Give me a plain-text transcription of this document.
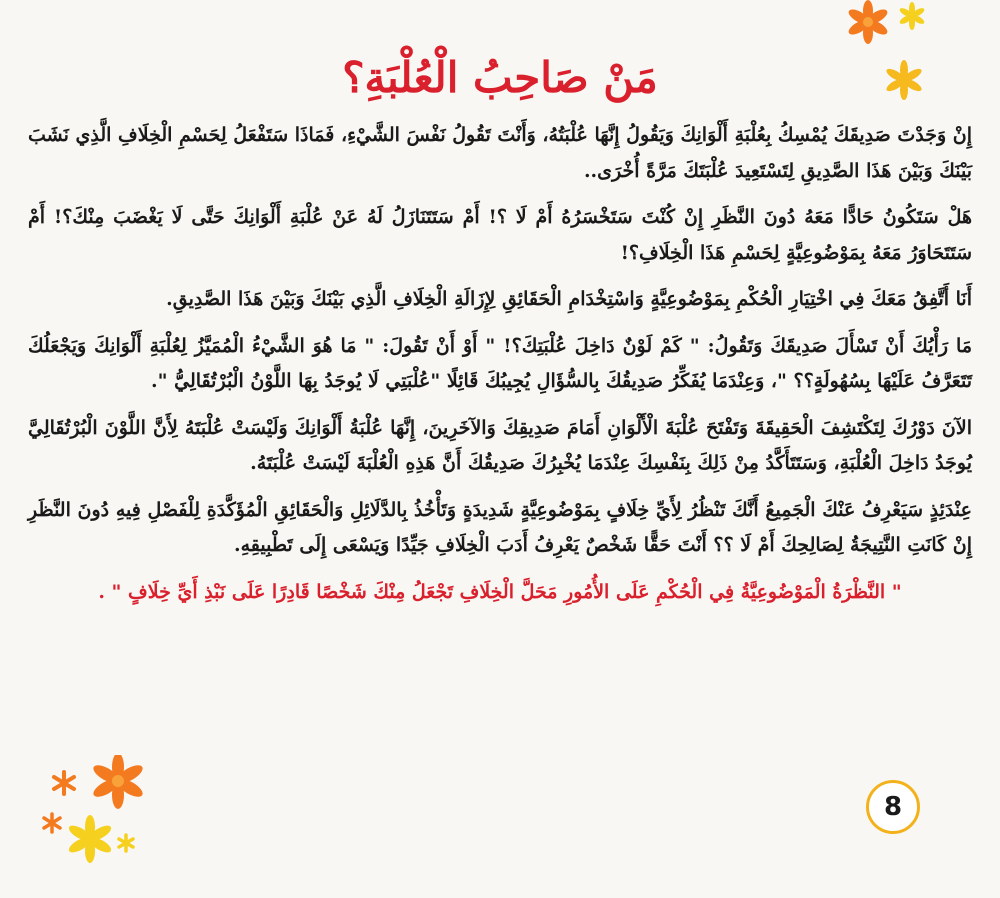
مَنْ صَاحِبُ الْعُلْبَةِ؟

إِنْ وَجَدْتَ صَدِيقَكَ يُمْسِكُ بِعُلْبَةِ أَلْوَانِكَ وَيَقُولُ إِنَّهَا عُلْبَتُهُ، وَأَنْتَ تَقُولُ نَفْسَ الشَّيْءِ، فَمَاذَا سَتَفْعَلُ لِحَسْمِ الْخِلَافِ الَّذِي نَشَبَ بَيْنَكَ وَبَيْنَ هَذَا الصَّدِيقِ لِتَسْتَعِيدَ عُلْبَتَكَ مَرَّةً أُخْرَى..

هَلْ سَتَكُونُ حَادًّا مَعَهُ دُونَ النَّظَرِ إِنْ كُنْتَ سَتَخْسَرُهُ أَمْ لَا ؟! أَمْ سَتَتَنَازَلُ لَهُ عَنْ عُلْبَةِ أَلْوَانِكَ حَتَّى لَا يَغْضَبَ مِنْكَ؟! أَمْ سَتَتَحَاوَرُ مَعَهُ بِمَوْضُوعِيَّةٍ لِحَسْمِ هَذَا الْخِلَافِ؟!

أَنَا أَتَّفِقُ مَعَكَ فِي اخْتِيَارِ الْحُكْمِ بِمَوْضُوعِيَّةٍ وَاسْتِخْدَامِ الْحَقَائِقِ لِإِزَالَةِ الْخِلَافِ الَّذِي بَيْنَكَ وَبَيْنَ هَذَا الصَّدِيقِ.

مَا رَأْيُكَ أَنْ تَسْأَلَ صَدِيقَكَ وَتَقُولُ: " كَمْ لَوْنٌ دَاخِلَ عُلْبَتِكَ؟! " أَوْ أَنْ تَقُولَ: " مَا هُوَ الشَّيْءُ الْمُمَيَّزُ لِعُلْبَةِ أَلْوَانِكَ وَيَجْعَلُكَ تَتَعَرَّفُ عَلَيْهَا بِسُهُولَةٍ؟؟ "، وَعِنْدَمَا يُفَكِّرُ صَدِيقُكَ بِالسُّؤَالِ يُجِيبُكَ قَائِلًا "عُلْبَتِي لَا يُوجَدُ بِهَا اللَّوْنُ الْبُرْتُقَالِيُّ ".

الآنَ دَوْرُكَ لِتَكْتَشِفَ الْحَقِيقَةَ وَتَفْتَحَ عُلْبَةَ الْأَلْوَانِ أَمَامَ صَدِيقِكَ وَالآخَرِينَ، إِنَّهَا عُلْبَةُ أَلْوَانِكَ وَلَيْسَتْ عُلْبَتَهُ لِأَنَّ اللَّوْنَ الْبُرْتُقَالِيَّ يُوجَدُ دَاخِلَ الْعُلْبَةِ، وَسَتَتَأَكَّدُ مِنْ ذَلِكَ بِنَفْسِكَ عِنْدَمَا يُخْبِرُكَ صَدِيقُكَ أَنَّ هَذِهِ الْعُلْبَةَ لَيْسَتْ عُلْبَتَهُ.

عِنْدَئِذٍ سَيَعْرِفُ عَنْكَ الْجَمِيعُ أَنَّكَ تَنْظُرُ لِأَيِّ خِلَافٍ بِمَوْضُوعِيَّةٍ شَدِيدَةٍ وَتَأْخُذُ بِالدَّلَائِلِ وَالْحَقَائِقِ الْمُؤَكَّدَةِ لِلْفَصْلِ فِيهِ دُونَ النَّظَرِ إِنْ كَانَتِ النَّتِيجَةُ لِصَالِحِكَ أَمْ لَا ؟؟ أَنْتَ حَقًّا شَخْصٌ يَعْرِفُ أَدَبَ الْخِلَافِ جَيِّدًا وَيَسْعَى إِلَى تَطْبِيقِهِ.

" النَّظْرَةُ الْمَوْضُوعِيَّةُ فِي الْحُكْمِ عَلَى الأُمُورِ مَحَلَّ الْخِلَافِ تَجْعَلُ مِنْكَ شَخْصًا قَادِرًا عَلَى نَبْذِ أَيِّ خِلَافٍ " .

8
